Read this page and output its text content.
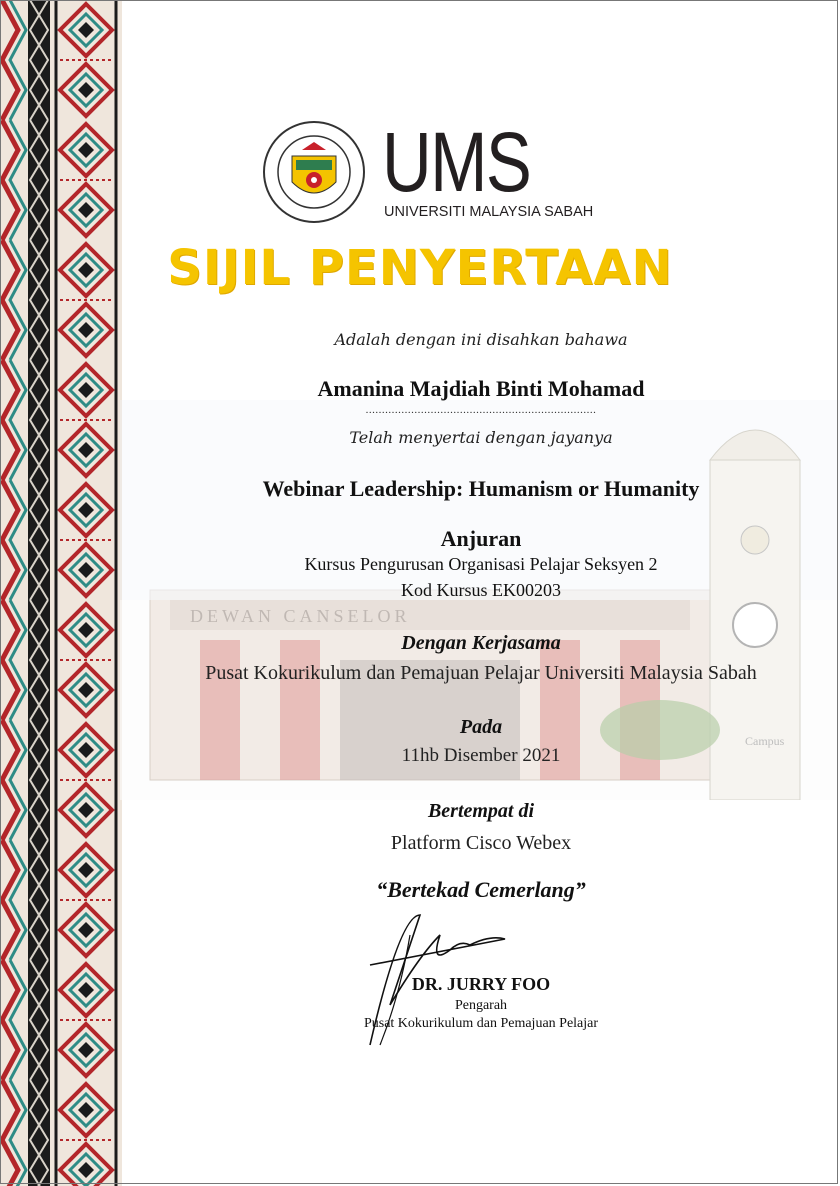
DEWAN CANSELOR
Campus
UMS
UNIVERSITI MALAYSIA SABAH
SIJIL PENYERTAAN
Adalah dengan ini disahkan bahawa
Amanina Majdiah Binti Mohamad
.......................................................................
Telah menyertai dengan jayanya
Webinar Leadership: Humanism or Humanity
Anjuran
Kursus Pengurusan Organisasi Pelajar Seksyen 2
Kod Kursus EK00203
Dengan Kerjasama
Pusat Kokurikulum dan Pemajuan Pelajar Universiti Malaysia Sabah
Pada
11hb Disember 2021
Bertempat di
Platform Cisco Webex
“Bertekad Cemerlang”
DR. JURRY FOO
Pengarah
Pusat Kokurikulum dan Pemajuan Pelajar
